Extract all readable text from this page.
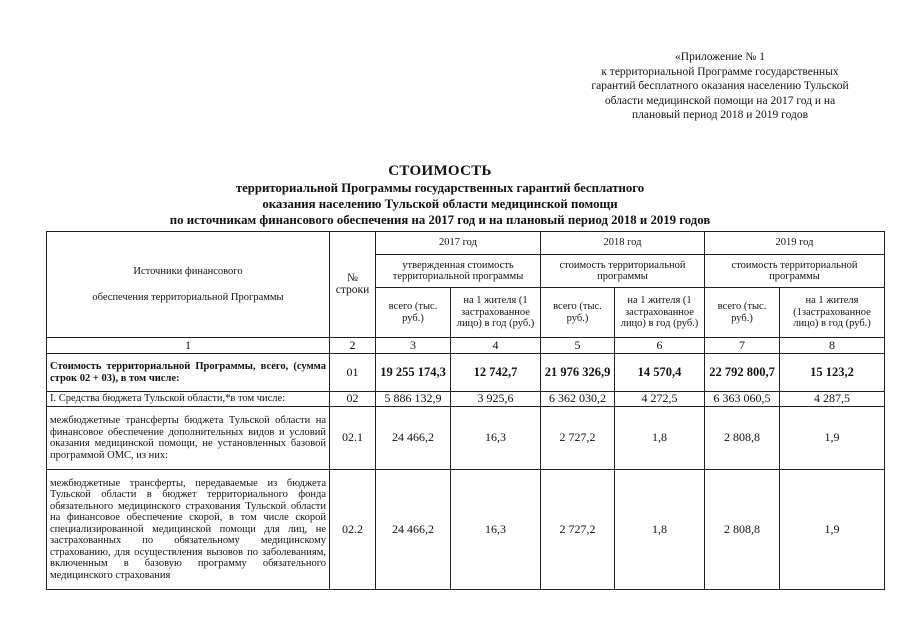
«Приложение № 1
к территориальной Программе государственных
гарантий бесплатного оказания населению Тульской
области медицинской помощи на 2017 год и на
плановый период 2018 и 2019 годов
СТОИМОСТЬ
территориальной Программы государственных гарантий бесплатного
оказания населению Тульской области медицинской помощи
по источникам финансового обеспечения на 2017 год и на плановый период 2018 и 2019 годов
Источники финансового
обеспечения территориальной Программы	№ строки	2017 год		2018 год		2019 год	
		утвержденная стоимость территориальной программы		стоимость территориальной программы		стоимость территориальной программы	
		всего (тыс. руб.)	на 1 жителя (1 застрахованное лицо) в год (руб.)	всего (тыс. руб.)	на 1 жителя (1 застрахованное лицо) в год (руб.)	всего (тыс. руб.)	на 1 жителя (1застрахованное лицо) в год (руб.)
1	2	3	4	5	6	7	8
Стоимость территориальной Программы, всего, (сумма строк 02 + 03), в том числе:	01	19 255 174,3	12 742,7	21 976 326,9	14 570,4	22 792 800,7	15 123,2
I. Средства бюджета Тульской области,*в том числе:	02	5 886 132,9	3 925,6	6 362 030,2	4 272,5	6 363 060,5	4 287,5
межбюджетные трансферты бюджета Тульской области на финансовое обеспечение дополнительных видов и условий оказания медицинской помощи, не установленных базовой программой ОМС, из них:	02.1	24 466,2	16,3	2 727,2	1,8	2 808,8	1,9
межбюджетные трансферты, передаваемые из бюджета Тульской области в бюджет территориального фонда обязательного медицинского страхования Тульской области на финансовое обеспечение скорой, в том числе скорой специализированной медицинской помощи для лиц, не застрахованных по обязательному медицинскому страхованию, для осуществления вызовов по заболеваниям, включенным в базовую программу обязательного медицинского страхования	02.2	24 466,2	16,3	2 727,2	1,8	2 808,8	1,9
